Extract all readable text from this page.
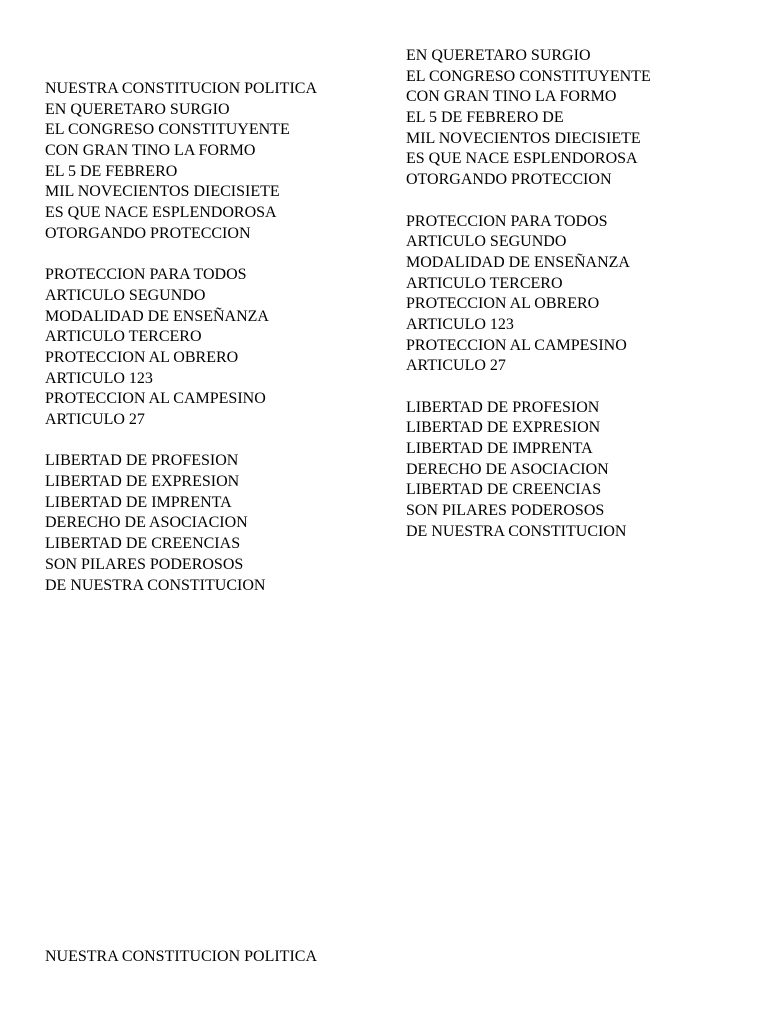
NUESTRA CONSTITUCION POLITICA
EN QUERETARO SURGIO
EL CONGRESO CONSTITUYENTE
CON GRAN TINO LA FORMO
EL 5 DE FEBRERO
MIL NOVECIENTOS DIECISIETE
ES QUE NACE ESPLENDOROSA
OTORGANDO PROTECCION
PROTECCION PARA TODOS
ARTICULO SEGUNDO
MODALIDAD DE ENSEÑANZA
ARTICULO TERCERO
PROTECCION AL OBRERO
ARTICULO 123
PROTECCION AL CAMPESINO
ARTICULO 27
LIBERTAD DE PROFESION
LIBERTAD DE EXPRESION
LIBERTAD DE IMPRENTA
DERECHO DE ASOCIACION
LIBERTAD DE CREENCIAS
SON PILARES PODEROSOS
DE NUESTRA CONSTITUCION
EN QUERETARO SURGIO
EL CONGRESO CONSTITUYENTE
CON GRAN TINO LA FORMO
EL 5 DE FEBRERO DE
MIL NOVECIENTOS DIECISIETE
ES QUE NACE ESPLENDOROSA
OTORGANDO PROTECCION
PROTECCION PARA TODOS
ARTICULO SEGUNDO
MODALIDAD DE ENSEÑANZA
ARTICULO TERCERO
PROTECCION AL OBRERO
ARTICULO 123
PROTECCION AL CAMPESINO
ARTICULO 27
LIBERTAD DE PROFESION
LIBERTAD DE EXPRESION
LIBERTAD DE IMPRENTA
DERECHO DE ASOCIACION
LIBERTAD DE CREENCIAS
SON PILARES PODEROSOS
DE NUESTRA CONSTITUCION
NUESTRA CONSTITUCION POLITICA
